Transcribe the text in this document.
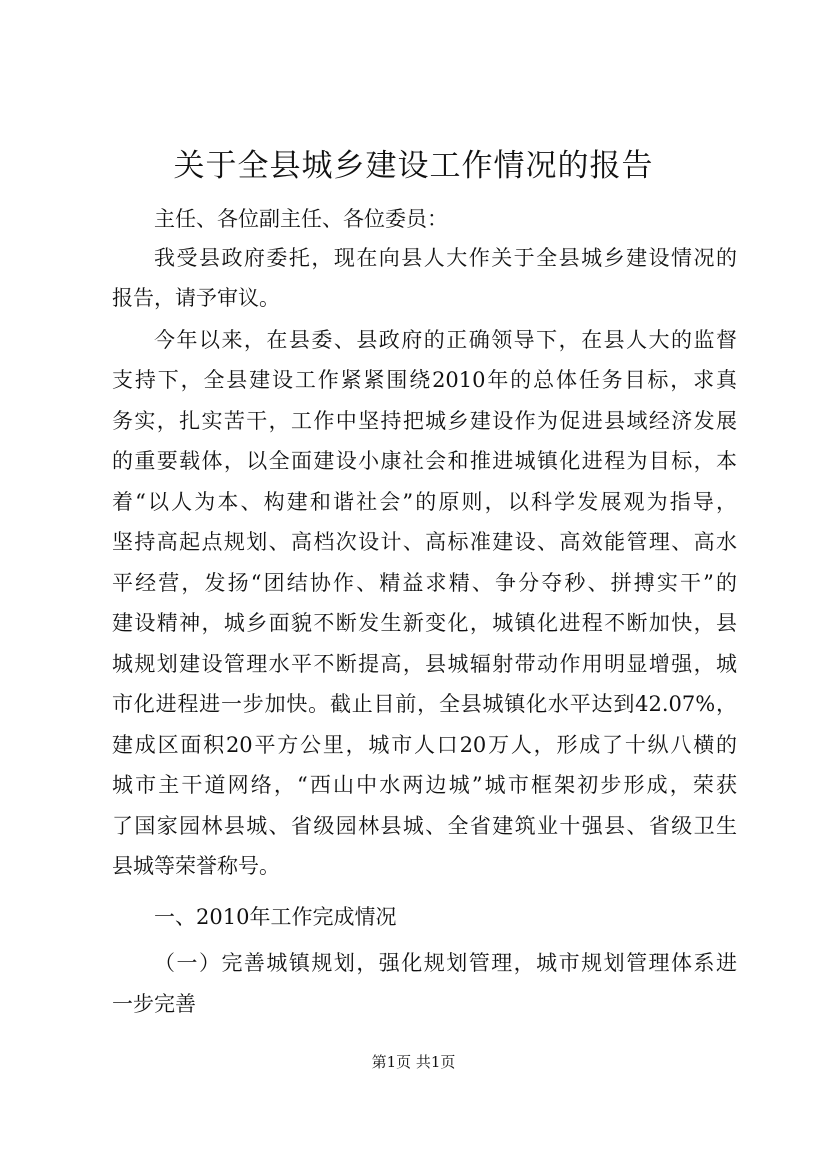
关于全县城乡建设工作情况的报告

主任、各位副主任、各位委员：

我受县政府委托，现在向县人大作关于全县城乡建设情况的

报告，请予审议。

今年以来，在县委、县政府的正确领导下，在县人大的监督

支持下，全县建设工作紧紧围绕2010年的总体任务目标，求真

务实，扎实苦干，工作中坚持把城乡建设作为促进县域经济发展

的重要载体，以全面建设小康社会和推进城镇化进程为目标，本

着“以人为本、构建和谐社会”的原则，以科学发展观为指导，

坚持高起点规划、高档次设计、高标准建设、高效能管理、高水

平经营，发扬“团结协作、精益求精、争分夺秒、拼搏实干”的

建设精神，城乡面貌不断发生新变化，城镇化进程不断加快，县

城规划建设管理水平不断提高，县城辐射带动作用明显增强，城

市化进程进一步加快。截止目前，全县城镇化水平达到42.07%，

建成区面积20平方公里，城市人口20万人，形成了十纵八横的

城市主干道网络，“西山中水两边城”城市框架初步形成，荣获

了国家园林县城、省级园林县城、全省建筑业十强县、省级卫生

县城等荣誉称号。

一、2010年工作完成情况

（一）完善城镇规划，强化规划管理，城市规划管理体系进

一步完善

第1页 共1页
